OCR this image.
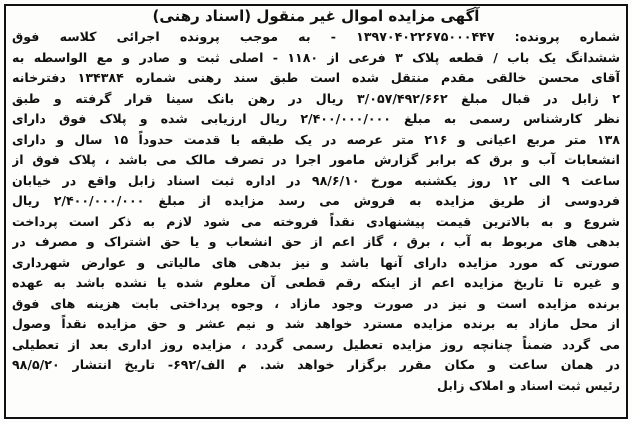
آگهی مزایده اموال غیر منقول (اسناد رهنی)
شماره پرونده: ۱۳۹۷۰۴۰۲۲۶۷۵۰۰۰۴۴۷ - به موجب پرونده اجرائی کلاسه فوق
ششدانگ یک باب / قطعه پلاک ۳ فرعی از ۱۱۸۰ - اصلی ثبت و صادر و مع الواسطه به
آقای محسن خالقی مقدم منتقل شده است طبق سند رهنی شماره ۱۳۴۳۸۴ دفترخانه
۲ زابل در قبال مبلغ ۳/۰۵۷/۴۹۲/۶۶۲ ریال در رهن بانک سینا قرار گرفته و طبق
نظر کارشناس رسمی به مبلغ ۲/۴۰۰/۰۰۰/۰۰۰ ریال ارزیابی شده و پلاک فوق دارای
۱۳۸ متر مربع اعیانی و ۲۱۶ متر عرصه در یک طبقه با قدمت حدوداً ۱۵ سال و دارای
انشعابات آب و برق که برابر گزارش مامور اجرا در تصرف مالک می باشد ، پلاک فوق از
ساعت ۹ الی ۱۲ روز یکشنبه مورخ ۹۸/۶/۱۰ در اداره ثبت اسناد زابل واقع در خیابان
فردوسی از طریق مزایده به فروش می رسد مزایده از مبلغ ۲/۴۰۰/۰۰۰/۰۰۰ ریال
شروع و به بالاترین قیمت پیشنهادی نقداً فروخته می شود لازم به ذکر است پرداخت
بدهی های مربوط به آب ، برق ، گاز اعم از حق انشعاب و یا حق اشتراک و مصرف در
صورتی که مورد مزایده دارای آنها باشد و نیز بدهی های مالیاتی و عوارض شهرداری
و غیره تا تاریخ مزایده اعم از اینکه رقم قطعی آن معلوم شده یا نشده باشد به عهده
برنده مزایده است و نیز در صورت وجود مازاد ، وجوه پرداختی بابت هزینه های فوق
از محل مازاد به برنده مزایده مسترد خواهد شد و نیم عشر و حق مزایده نقداً وصول
می گردد ضمناً چنانچه روز مزایده تعطیل رسمی گردد ، مزایده روز اداری بعد از تعطیلی
در همان ساعت و مکان مقرر برگزار خواهد شد. م الف/۶۹۲- تاریخ انتشار ۹۸/۵/۲۰
رئیس ثبت اسناد و املاک زابل
